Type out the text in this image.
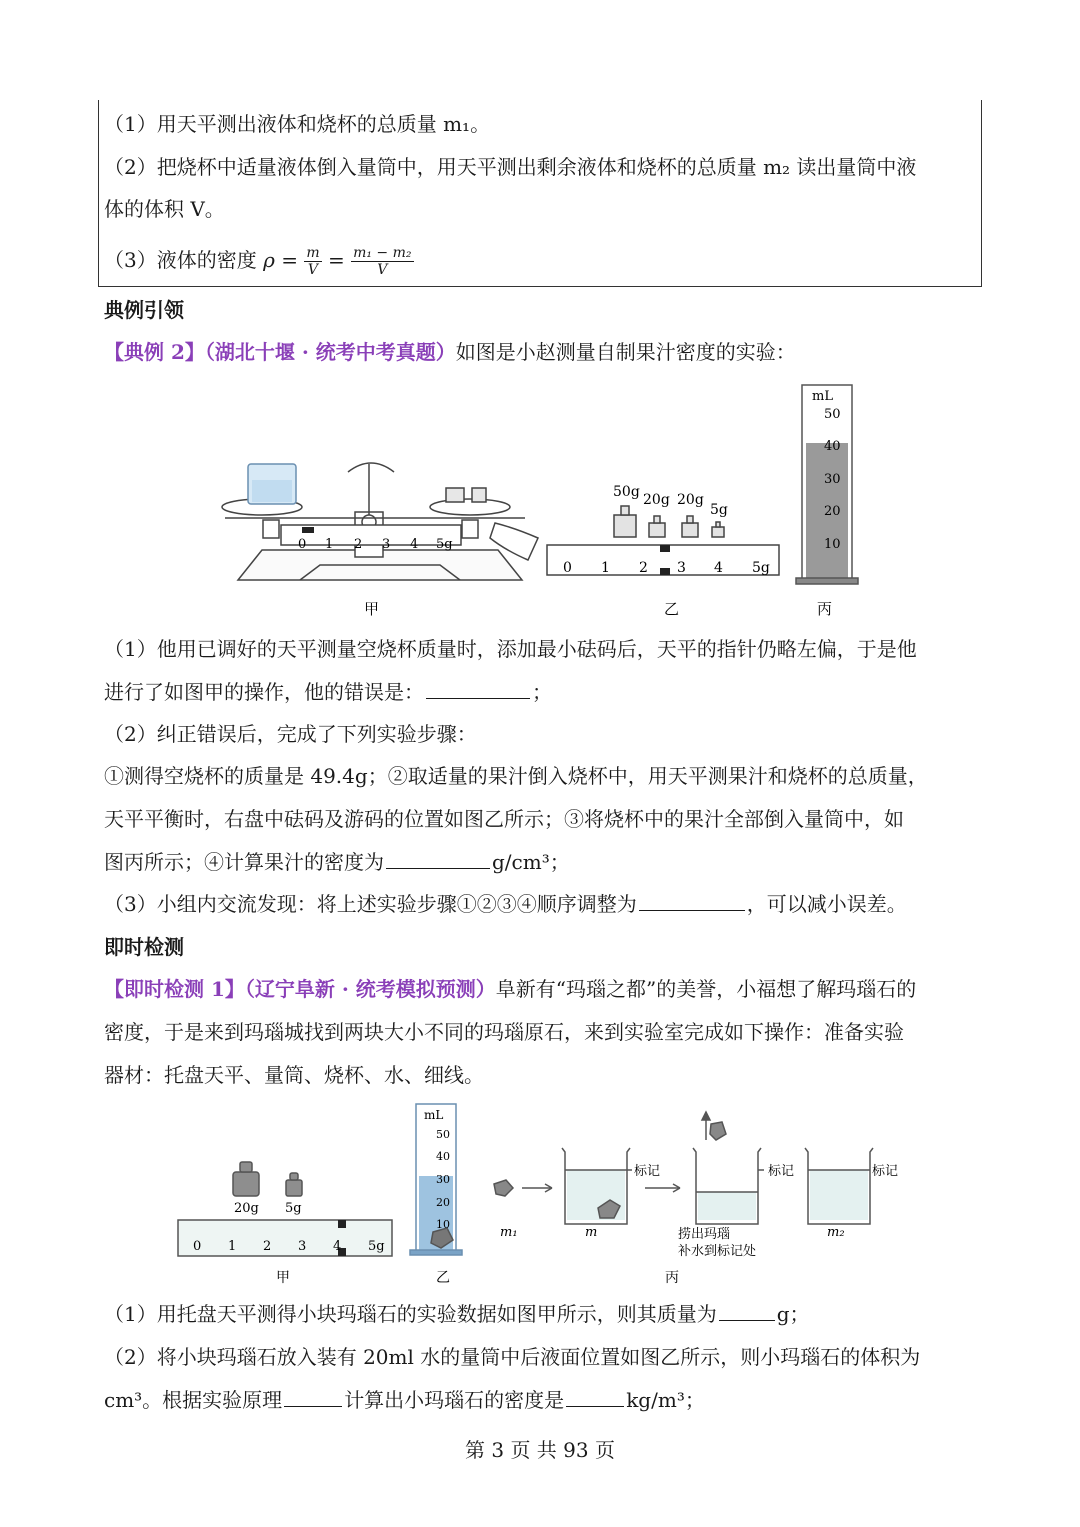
（1）用天平测出液体和烧杯的总质量 m₁。
（2）把烧杯中适量液体倒入量筒中，用天平测出剩余液体和烧杯的总质量 m₂ 读出量筒中液
体的体积 V。
（3）液体的密度 $\rho = \frac{m}{V} = \frac{\text{m₁ − m₂}}{V}$
典例引领
【典例 2】（湖北十堰 · 统考中考真题）如图是小赵测量自制果汁密度的实验：
0 1 2 3 4 5g
50g 20g 20g
5g
0 1 2 3 4 5g
mL
50
40
30
20
10
甲	乙	丙
（1）他用已调好的天平测量空烧杯质量时，添加最小砝码后，天平的指针仍略左偏，于是他
进行了如图甲的操作，他的错误是：	；
（2）纠正错误后，完成了下列实验步骤：
①测得空烧杯的质量是 49.4g；②取适量的果汁倒入烧杯中，用天平测果汁和烧杯的总质量，
天平平衡时，右盘中砝码及游码的位置如图乙所示；③将烧杯中的果汁全部倒入量筒中，如
图丙所示；④计算果汁的密度为	g/cm³；
（3）小组内交流发现：将上述实验步骤①②③④顺序调整为	，可以减小误差。
即时检测
【即时检测 1】（辽宁阜新 · 统考模拟预测）阜新有“玛瑙之都”的美誉，小福想了解玛瑙石的
密度，于是来到玛瑙城找到两块大小不同的玛瑙原石，来到实验室完成如下操作：准备实验
器材：托盘天平、量筒、烧杯、水、细线。
20g 5g
0 1 2 3 4 5g
mL
50
40
30
20
10
标记	标记	标记
m₁	m	m₂
捞出玛瑙
补水到标记处
甲	乙	丙
（1）用托盘天平测得小块玛瑙石的实验数据如图甲所示，则其质量为	g；
（2）将小块玛瑙石放入装有 20ml 水的量筒中后液面位置如图乙所示，则小玛瑙石的体积为
cm³。根据实验原理	计算出小玛瑙石的密度是	kg/m³；
第 3 页 共 93 页
